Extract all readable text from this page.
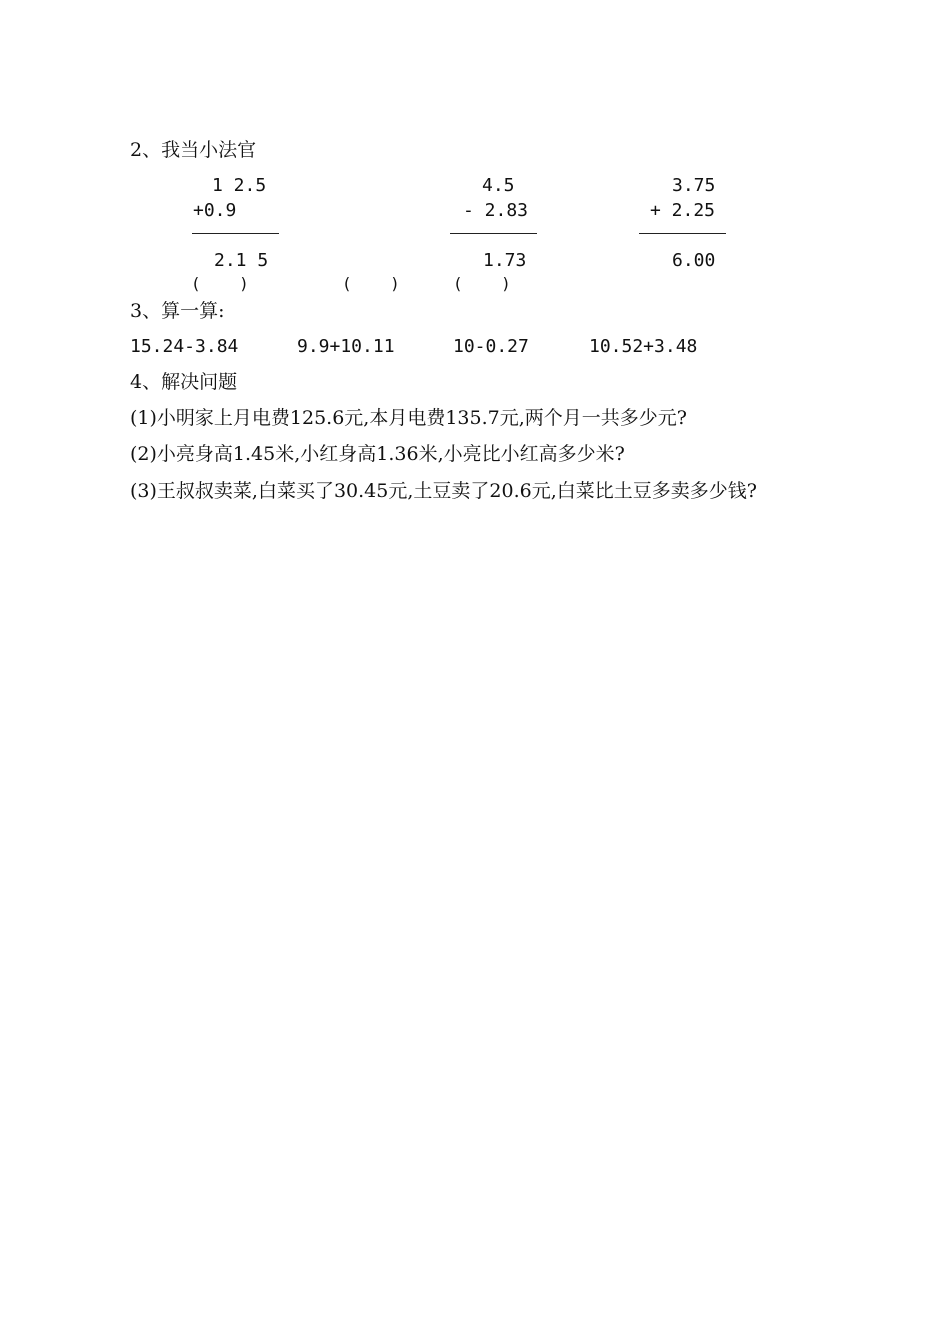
2、我当小法官
1 2.5
+0.9
2.1 5
(    )
4.5
- 2.83
1.73
(    )
3.75
+ 2.25
6.00
(    )
3、算一算:
15.24-3.84	9.9+10.11	10-0.27	10.52+3.48
4、解决问题
(1)小明家上月电费125.6元,本月电费135.7元,两个月一共多少元?
(2)小亮身高1.45米,小红身高1.36米,小亮比小红高多少米?
(3)王叔叔卖菜,白菜买了30.45元,土豆卖了20.6元,白菜比土豆多卖多少钱?
